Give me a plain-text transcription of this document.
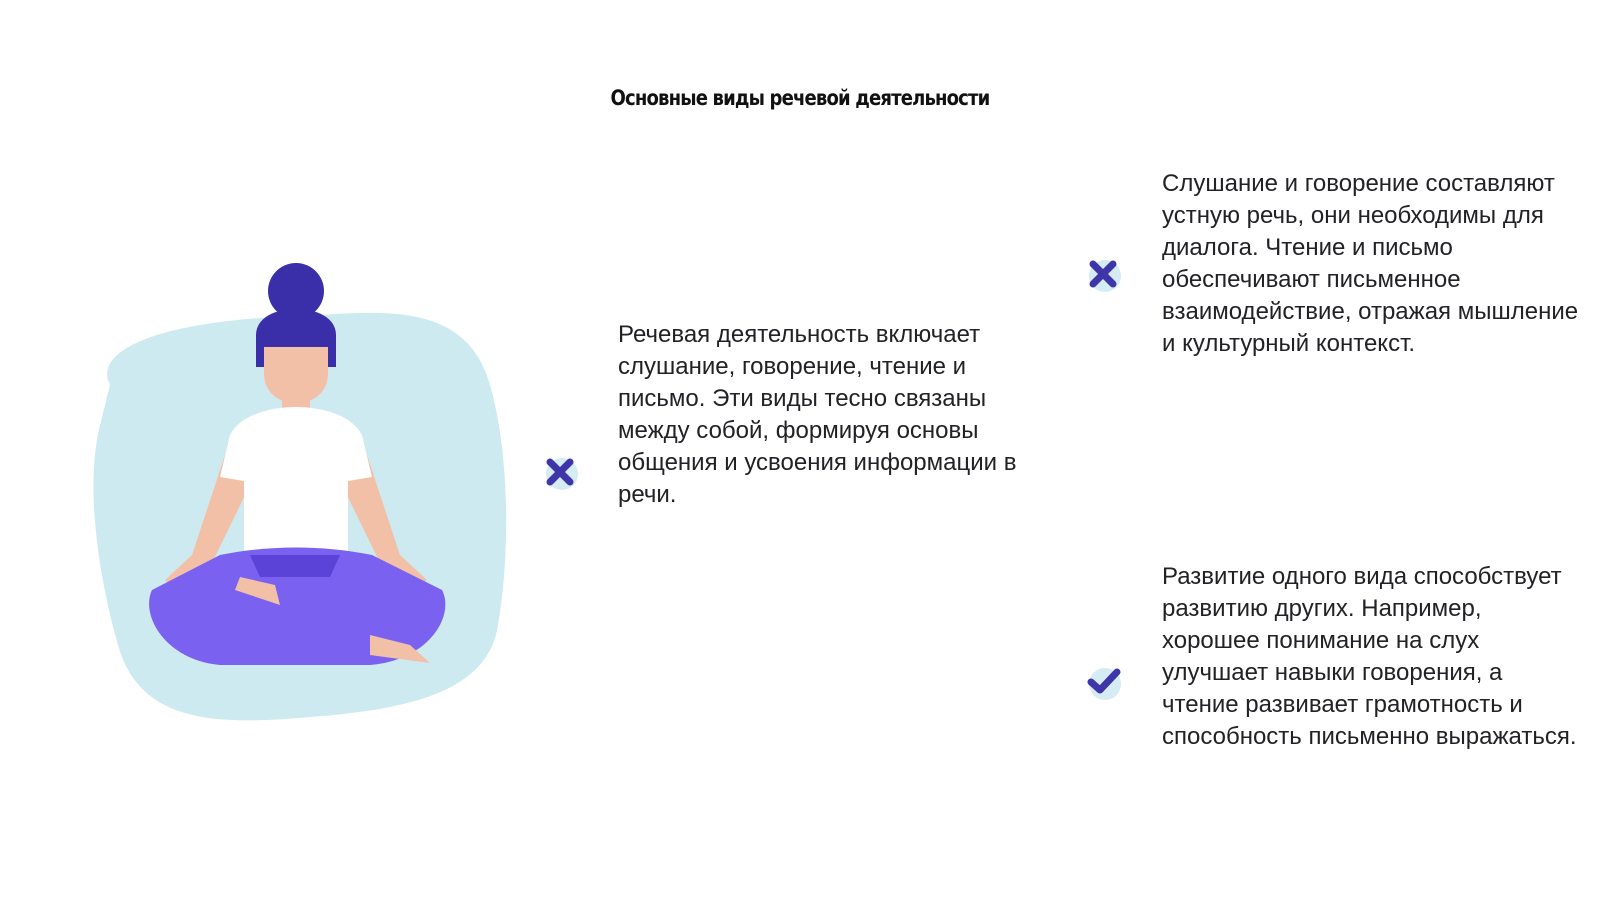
Основные виды речевой деятельности
Речевая деятельность включает слушание, говорение, чтение и письмо. Эти виды тесно связаны между собой, формируя основы общения и усвоения информации в речи.
Слушание и говорение составляют устную речь, они необходимы для диалога. Чтение и письмо обеспечивают письменное взаимодействие, отражая мышление и культурный контекст.
Развитие одного вида способствует развитию других. Например, хорошее понимание на слух улучшает навыки говорения, а чтение развивает грамотность и способность письменно выражаться.
